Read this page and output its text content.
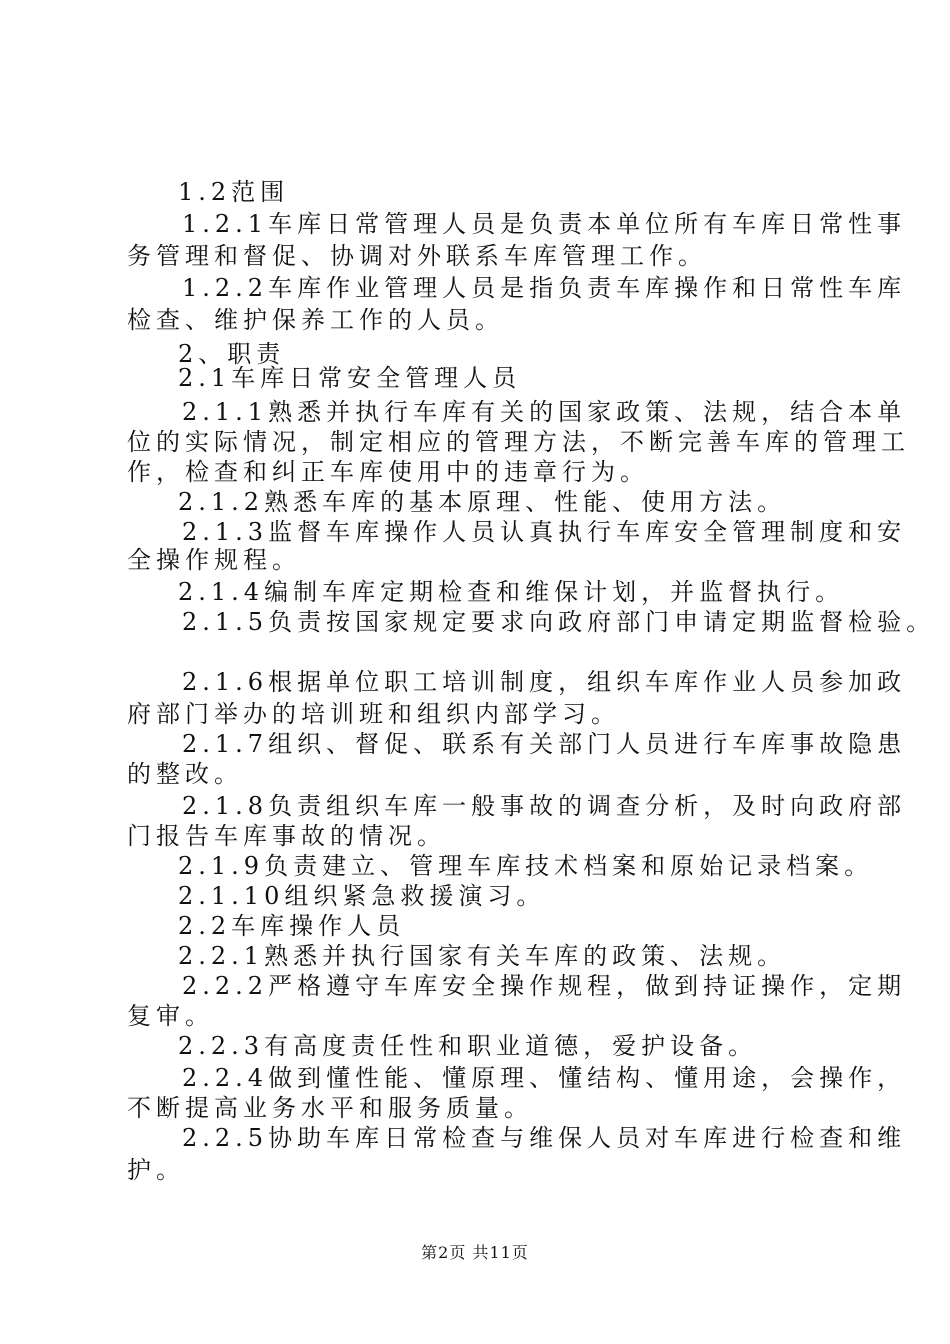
1.2范围
1.2.1车库日常管理人员是负责本单位所有车库日常性事
务管理和督促、协调对外联系车库管理工作。
1.2.2车库作业管理人员是指负责车库操作和日常性车库
检查、维护保养工作的人员。
2、职责
2.1车库日常安全管理人员
2.1.1熟悉并执行车库有关的国家政策、法规，结合本单
位的实际情况，制定相应的管理方法，不断完善车库的管理工
作，检查和纠正车库使用中的违章行为。
2.1.2熟悉车库的基本原理、性能、使用方法。
2.1.3监督车库操作人员认真执行车库安全管理制度和安
全操作规程。
2.1.4编制车库定期检查和维保计划，并监督执行。
2.1.5负责按国家规定要求向政府部门申请定期监督检验。
2.1.6根据单位职工培训制度，组织车库作业人员参加政
府部门举办的培训班和组织内部学习。
2.1.7组织、督促、联系有关部门人员进行车库事故隐患
的整改。
2.1.8负责组织车库一般事故的调查分析，及时向政府部
门报告车库事故的情况。
2.1.9负责建立、管理车库技术档案和原始记录档案。
2.1.10组织紧急救援演习。
2.2车库操作人员
2.2.1熟悉并执行国家有关车库的政策、法规。
2.2.2严格遵守车库安全操作规程，做到持证操作，定期
复审。
2.2.3有高度责任性和职业道德，爱护设备。
2.2.4做到懂性能、懂原理、懂结构、懂用途，会操作，
不断提高业务水平和服务质量。
2.2.5协助车库日常检查与维保人员对车库进行检查和维
护。
第2页 共11页
